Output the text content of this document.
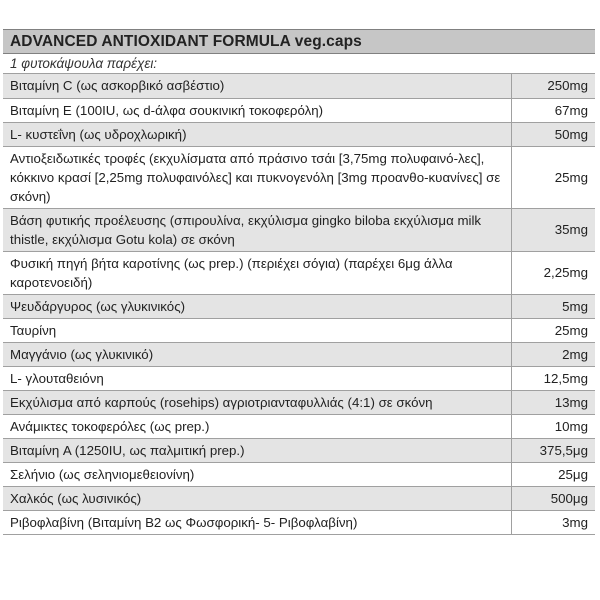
ADVANCED ANTIOXIDANT FORMULA veg.caps
1 φυτοκάψουλα παρέχει:
Βιταμίνη C (ως ασκορβικό ασβέστιο)	250mg
Βιταμίνη E (100IU, ως d-άλφα σουκινική τοκοφερόλη)	67mg
L- κυστεΐνη (ως υδροχλωρική)	50mg
Αντιοξειδωτικές τροφές (εκχυλίσματα από πράσινο τσάι [3,75mg πολυφαινό-λες], κόκκινο κρασί [2,25mg πολυφαινόλες] και πυκνογενόλη [3mg προανθο-κυανίνες] σε σκόνη)	25mg
Βάση φυτικής προέλευσης (σπιρουλίνα, εκχύλισμα gingko biloba εκχύλισμα milk thistle, εκχύλισμα Gotu kola) σε σκόνη	35mg
Φυσική πηγή βήτα καροτίνης (ως prep.) (περιέχει σόγια) (παρέχει 6μg άλλα καροτενοειδή)	2,25mg
Ψευδάργυρος (ως γλυκινικός)	5mg
Ταυρίνη	25mg
Μαγγάνιο (ως γλυκινικό)	2mg
L- γλουταθειόνη	12,5mg
Εκχύλισμα από καρπούς (rosehips) αγριοτριανταφυλλιάς (4:1) σε σκόνη	13mg
Ανάμικτες τοκοφερόλες (ως prep.)	10mg
Βιταμίνη A (1250IU, ως παλμιτική prep.)	375,5μg
Σελήνιο (ως σεληνιομεθειονίνη)	25μg
Χαλκός (ως λυσινικός)	500μg
Ριβοφλαβίνη (Βιταμίνη B2 ως Φωσφορική- 5- Ριβοφλαβίνη)	3mg
